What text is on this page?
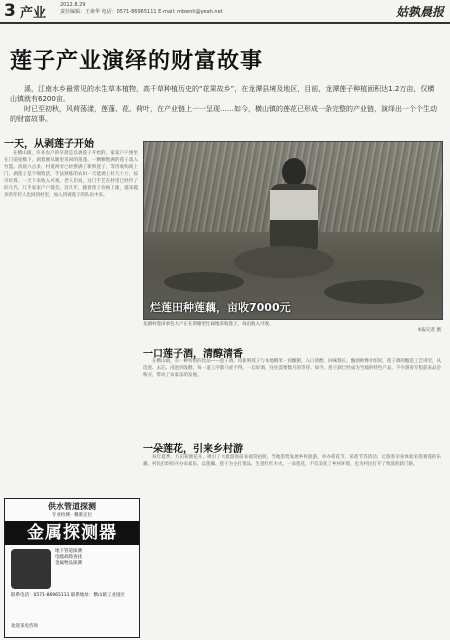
3 产业
2012.8.29
责任编辑：王素华 电话：0571-86965111 E-mail: mbwnh@yeah.net	姑孰晨报
莲子产业演绎的财富故事

溪，江南水乡最常见的水生草本植物，高千草种植历史的“花果故乡”，在龙潭县境及地区，目前，龙潭莲子种植面积达1.2万亩，仅横山镇就有6200亩。

时已至初秋，风荷荡漾，莲蓬、花、荷叶，在产业链上一一呈现……如今，横山镇的莲花已形成一条完整的产业链，演绎出一个个生动的财富故事。

一天，从剥莲子开始

在横山镇，许多农户的早晨是以剥莲子开始的。家家户户围坐在门前屋檐下，剥着刚从塘里采回的莲蓬，一颗颗饱满的莲子落入竹篮。清晨六点多，村道两旁已经摆满了新鲜莲子，等待收购商上门。剥莲子是个细致活，手法熟练的农妇一天能剥上好几十斤，按市价算，一天下来收入可观。老人们说，这门手艺在村里已经传了好几代，几乎家家户户都会。近几年，随着莲子价格上涨，越来越多的年轻人也回到村里，加入到剥莲子的队伍中来。

烂莲田种莲藕，亩收7000元
龙湖村莲田承包大户正在荷塘里忙碌地采收莲子，每亩收入可观。
本报记者 摄
一口莲子酒，清醇清香

在横山镇，有一种特别的饮品——莲子酒。用新鲜莲子与本地糯米一同酿制，入口清醇，回味悠长。酿酒师傅介绍说，莲子酒的酿造工艺讲究，从选莲、去芯、浸泡到发酵，每一道工序都马虎不得。一坛好酒，往往需要数月的等待。如今，莲子酒已经成为当地的特色产品，不少游客专程前来品尝购买，带动了农家乐的发展。

一朵莲花，引来乡村游

每年夏季，万亩荷塘花开，吸引了大批游客前来观赏拍照。当地借势发展乡村旅游，举办荷花节、采莲节等活动，让游客亲身体验采莲剥莲的乐趣。村民们纷纷开办农家乐，以莲藕、莲子为主打菜品，生意红红火火。一朵莲花，不仅美化了乡村环境，也为村民打开了致富的新门路。

供水管道探测
专业检测 · 精准定位
金属探测器
地下管道探测
电缆故障查找
金属物品探测
联系电话：0571-86965111 联系地址：横山镇工业园区
欢迎来电咨询
